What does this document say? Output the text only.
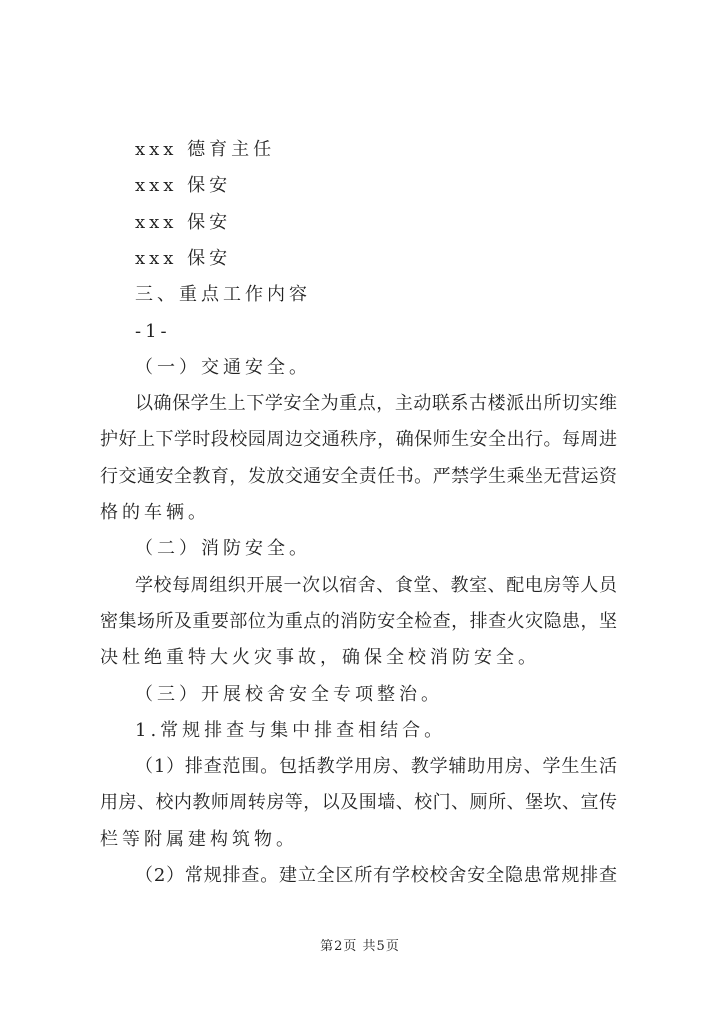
xxx 德育主任
xxx 保安
xxx 保安
xxx 保安
三、重点工作内容
-1-
（一）交通安全。
以确保学生上下学安全为重点，主动联系古楼派出所切实维
护好上下学时段校园周边交通秩序，确保师生安全出行。每周进
行交通安全教育，发放交通安全责任书。严禁学生乘坐无营运资
格的车辆。
（二）消防安全。
学校每周组织开展一次以宿舍、食堂、教室、配电房等人员
密集场所及重要部位为重点的消防安全检查，排查火灾隐患，坚
决杜绝重特大火灾事故，确保全校消防安全。
（三）开展校舍安全专项整治。
1.常规排查与集中排查相结合。
（1）排查范围。包括教学用房、教学辅助用房、学生生活
用房、校内教师周转房等，以及围墙、校门、厕所、堡坎、宣传
栏等附属建构筑物。
（2）常规排查。建立全区所有学校校舍安全隐患常规排查
第2页 共5页
